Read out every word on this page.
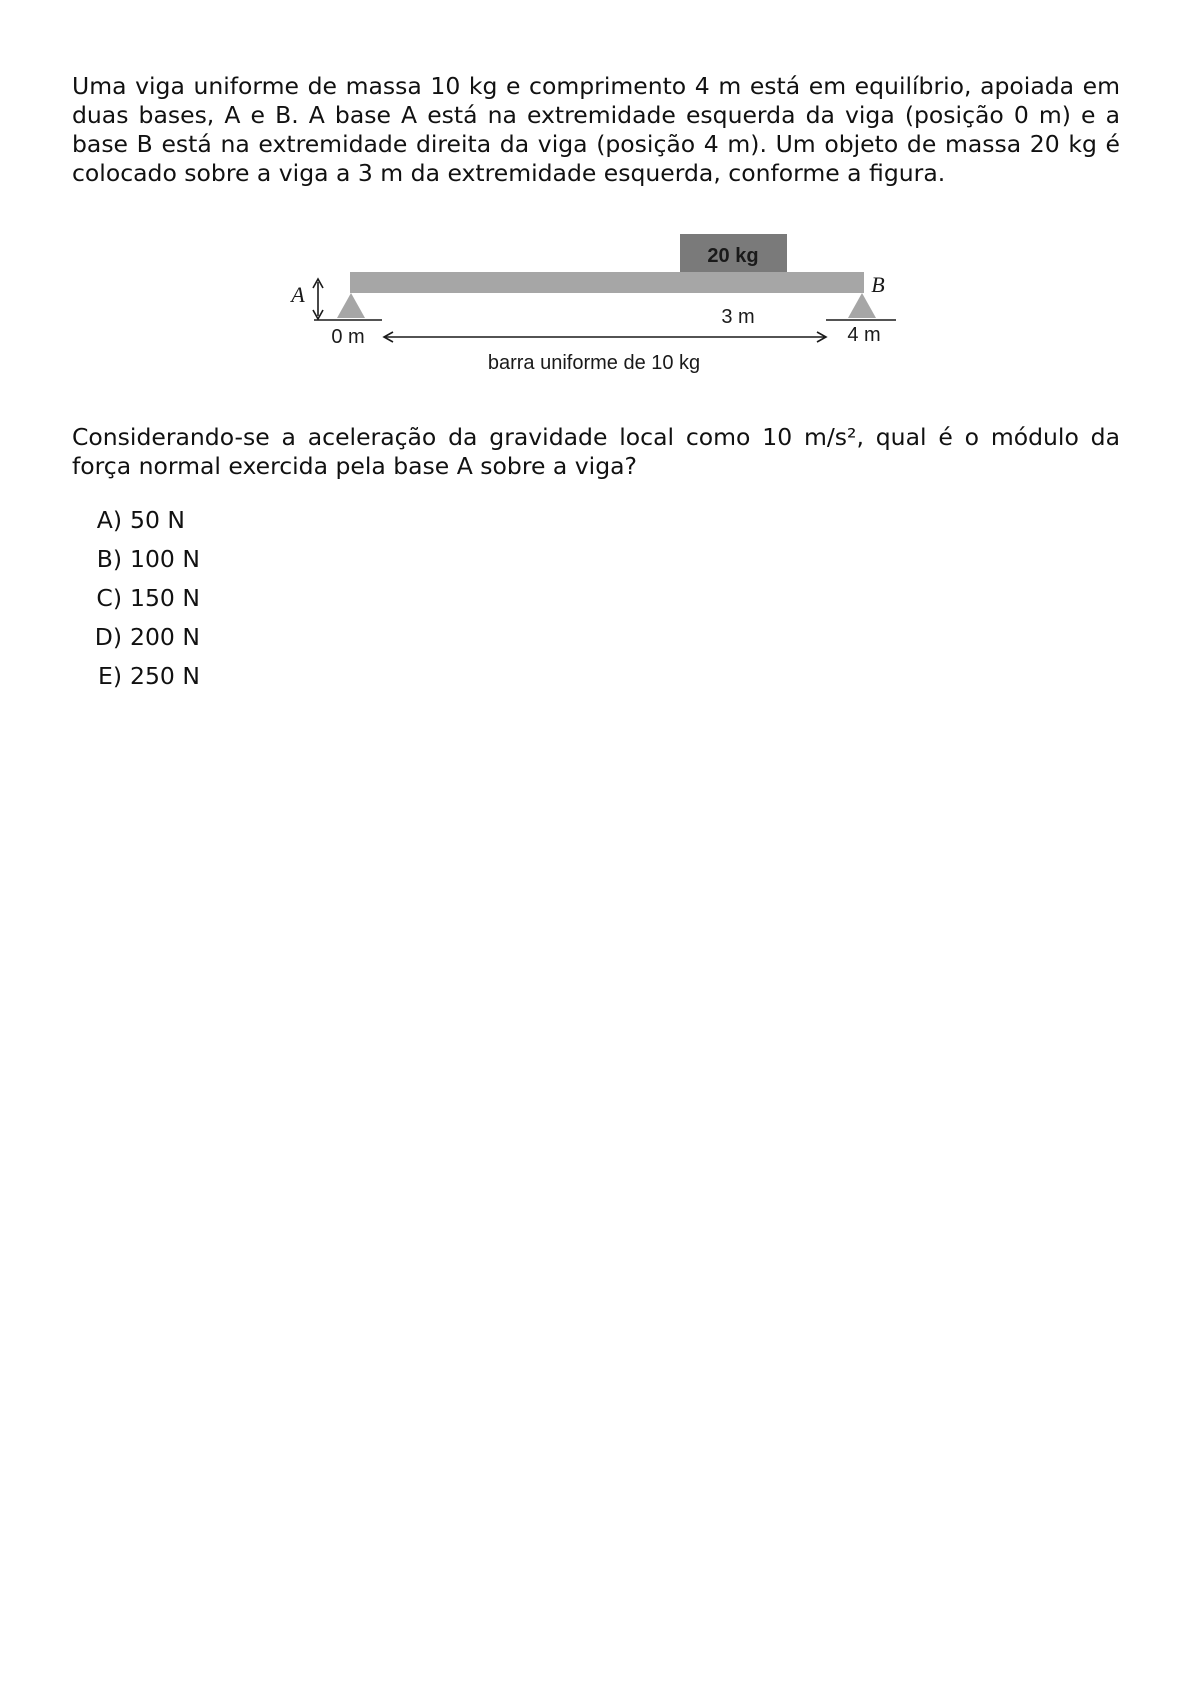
Uma viga uniforme de massa 10 kg e comprimento 4 m está em equilíbrio, apoiada em duas bases, A e B. A base A está na extremidade esquerda da viga (posição 0 m) e a base B está na extremidade direita da viga (posição 4 m). Um objeto de massa 20 kg é colocado sobre a viga a 3 m da extremidade esquerda, conforme a figura.

20 kg
A	B
0 m	4 m
3 m
barra uniforme de 10 kg

Considerando-se a aceleração da gravidade local como 10 m/s², qual é o módulo da força normal exercida pela base A sobre a viga?

A) 50 N
B) 100 N
C) 150 N
D) 200 N
E) 250 N
